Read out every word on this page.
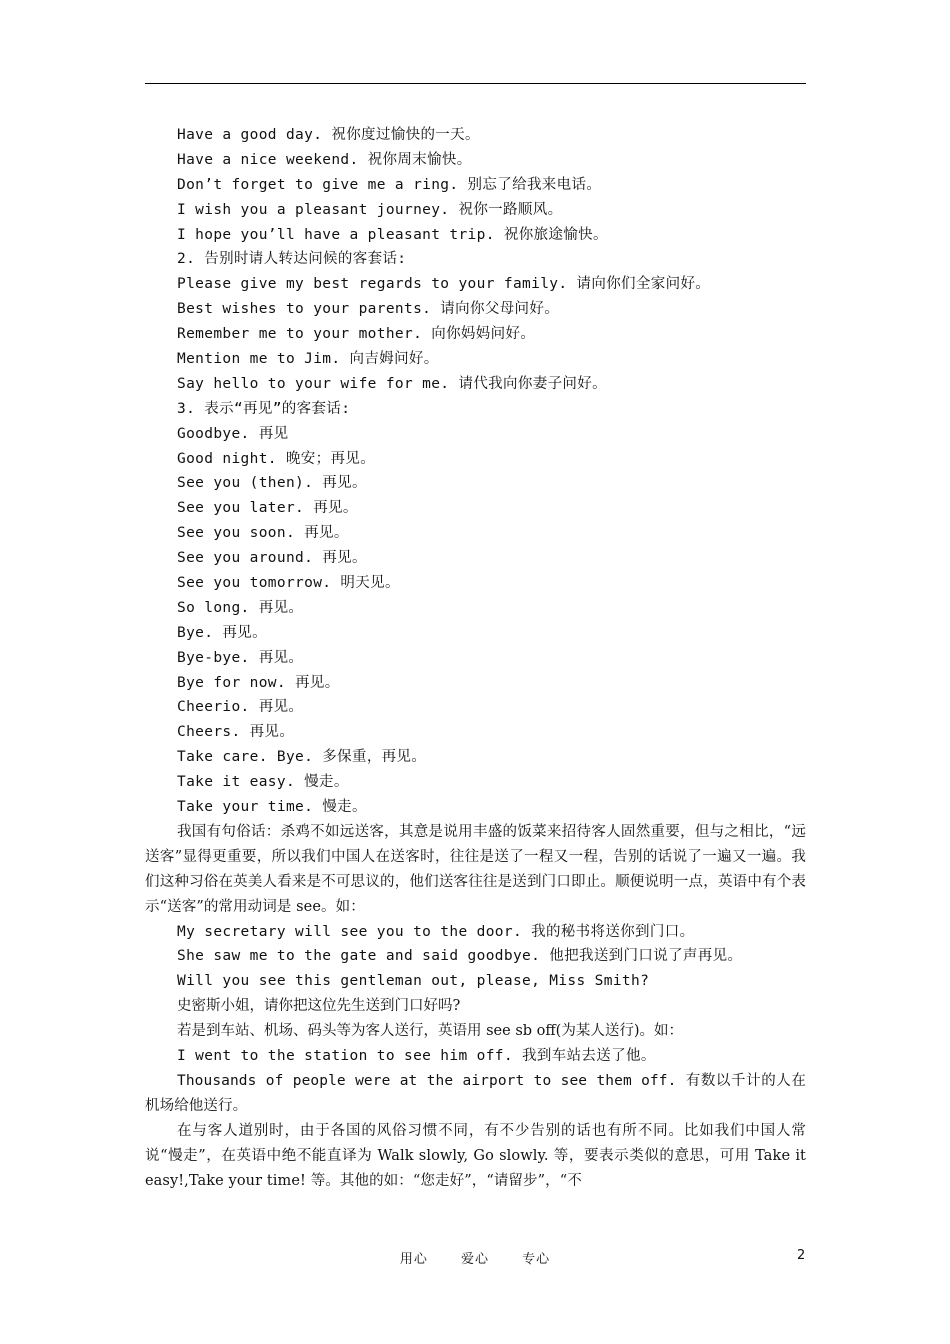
Have a good day. 祝你度过愉快的一天。
Have a nice weekend. 祝你周末愉快。
Don’t forget to give me a ring. 别忘了给我来电话。
I wish you a pleasant journey. 祝你一路顺风。
I hope you’ll have a pleasant trip. 祝你旅途愉快。
2. 告别时请人转达问候的客套话:
Please give my best regards to your family. 请向你们全家问好。
Best wishes to your parents. 请向你父母问好。
Remember me to your mother. 向你妈妈问好。
Mention me to Jim. 向吉姆问好。
Say hello to your wife for me. 请代我向你妻子问好。
3. 表示“再见”的客套话:
Goodbye. 再见
Good night. 晚安；再见。
See you (then). 再见。
See you later. 再见。
See you soon. 再见。
See you around. 再见。
See you tomorrow. 明天见。
So long. 再见。
Bye. 再见。
Bye-bye. 再见。
Bye for now. 再见。
Cheerio. 再见。
Cheers. 再见。
Take care. Bye. 多保重，再见。
Take it easy. 慢走。
Take your time. 慢走。
我国有句俗话：杀鸡不如远送客，其意是说用丰盛的饭菜来招待客人固然重要，但与之相比，“远送客”显得更重要，所以我们中国人在送客时，往往是送了一程又一程，告别的话说了一遍又一遍。我们这种习俗在英美人看来是不可思议的，他们送客往往是送到门口即止。顺便说明一点，英语中有个表示“送客”的常用动词是 see。如：
My secretary will see you to the door. 我的秘书将送你到门口。
She saw me to the gate and said goodbye. 他把我送到门口说了声再见。
Will you see this gentleman out, please, Miss Smith?
史密斯小姐，请你把这位先生送到门口好吗?
若是到车站、机场、码头等为客人送行，英语用 see sb off(为某人送行)。如：
I went to the station to see him off. 我到车站去送了他。
Thousands of people were at the airport to see them off. 有数以千计的人在机场给他送行。
在与客人道别时，由于各国的风俗习惯不同，有不少告别的话也有所不同。比如我们中国人常说“慢走”，在英语中绝不能直译为 Walk slowly, Go slowly. 等，要表示类似的意思，可用 Take it easy!,Take your time! 等。其他的如：“您走好”，“请留步”，“不
用心	爱心	专心	2
